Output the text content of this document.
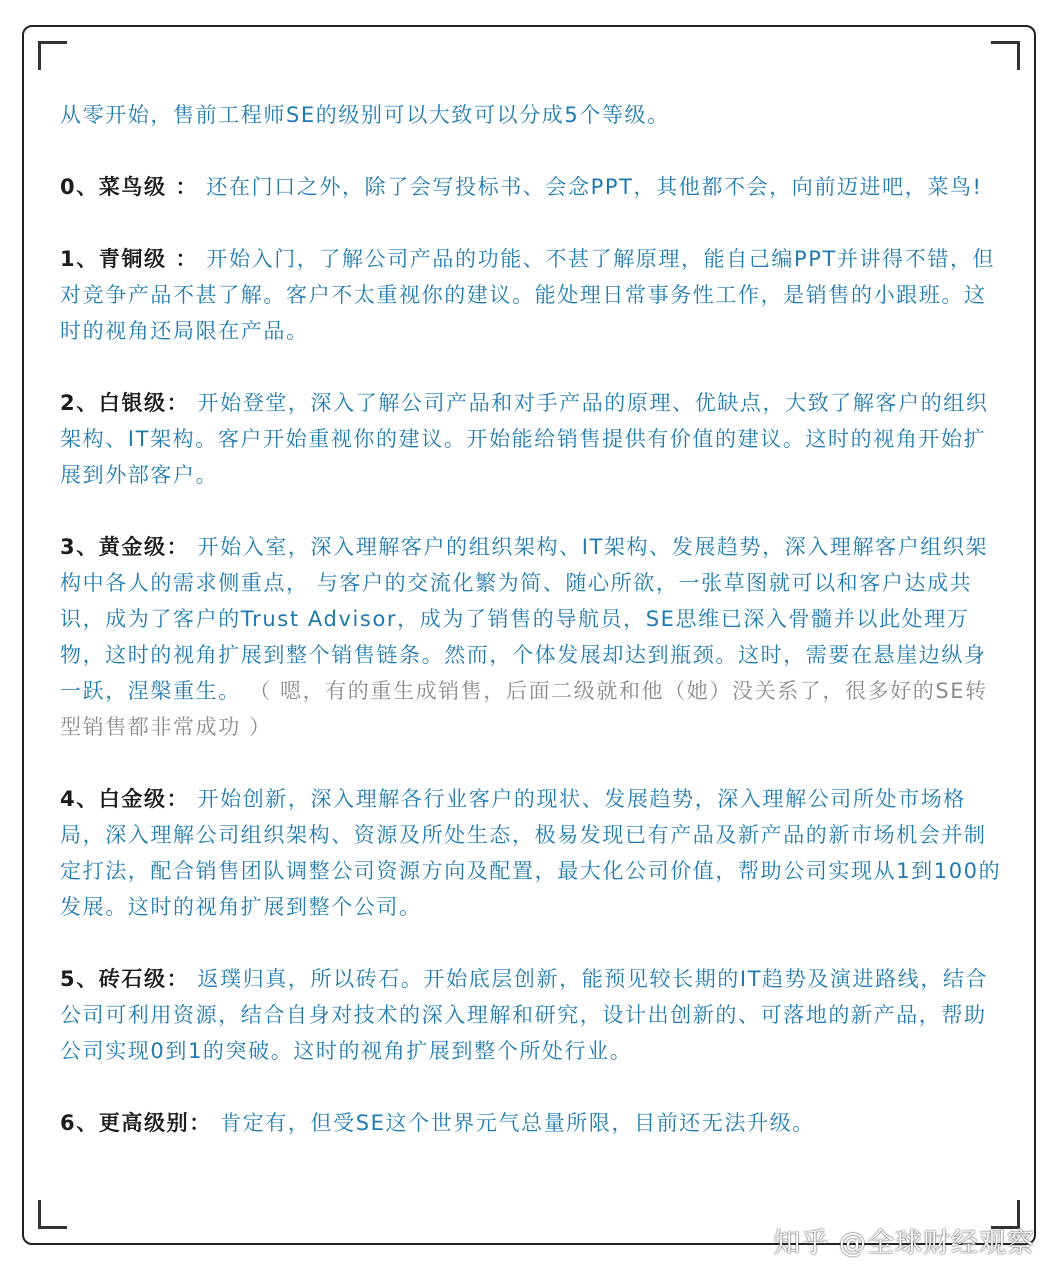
从零开始，售前工程师SE的级别可以大致可以分成5个等级。

0、菜鸟级 ： 还在门口之外，除了会写投标书、会念PPT，其他都不会，向前迈进吧，菜鸟!

1、青铜级 ： 开始入门，了解公司产品的功能、不甚了解原理，能自己编PPT并讲得不错，但对竞争产品不甚了解。客户不太重视你的建议。能处理日常事务性工作，是销售的小跟班。这时的视角还局限在产品。

2、白银级： 开始登堂，深入了解公司产品和对手产品的原理、优缺点，大致了解客户的组织架构、IT架构。客户开始重视你的建议。开始能给销售提供有价值的建议。这时的视角开始扩展到外部客户。

3、黄金级： 开始入室，深入理解客户的组织架构、IT架构、发展趋势，深入理解客户组织架构中各人的需求侧重点， 与客户的交流化繁为简、随心所欲，一张草图就可以和客户达成共识，成为了客户的Trust Advisor，成为了销售的导航员，SE思维已深入骨髓并以此处理万物，这时的视角扩展到整个销售链条。然而，个体发展却达到瓶颈。这时，需要在悬崖边纵身一跃，涅槃重生。 （ 嗯，有的重生成销售，后面二级就和他（她）没关系了，很多好的SE转型销售都非常成功 ）

4、白金级： 开始创新，深入理解各行业客户的现状、发展趋势，深入理解公司所处市场格局，深入理解公司组织架构、资源及所处生态，极易发现已有产品及新产品的新市场机会并制定打法，配合销售团队调整公司资源方向及配置，最大化公司价值，帮助公司实现从1到100的发展。这时的视角扩展到整个公司。

5、砖石级： 返璞归真，所以砖石。开始底层创新，能预见较长期的IT趋势及演进路线，结合公司可利用资源，结合自身对技术的深入理解和研究，设计出创新的、可落地的新产品，帮助公司实现0到1的突破。这时的视角扩展到整个所处行业。

6、更高级别： 肯定有，但受SE这个世界元气总量所限，目前还无法升级。

知乎 @全球财经观察
